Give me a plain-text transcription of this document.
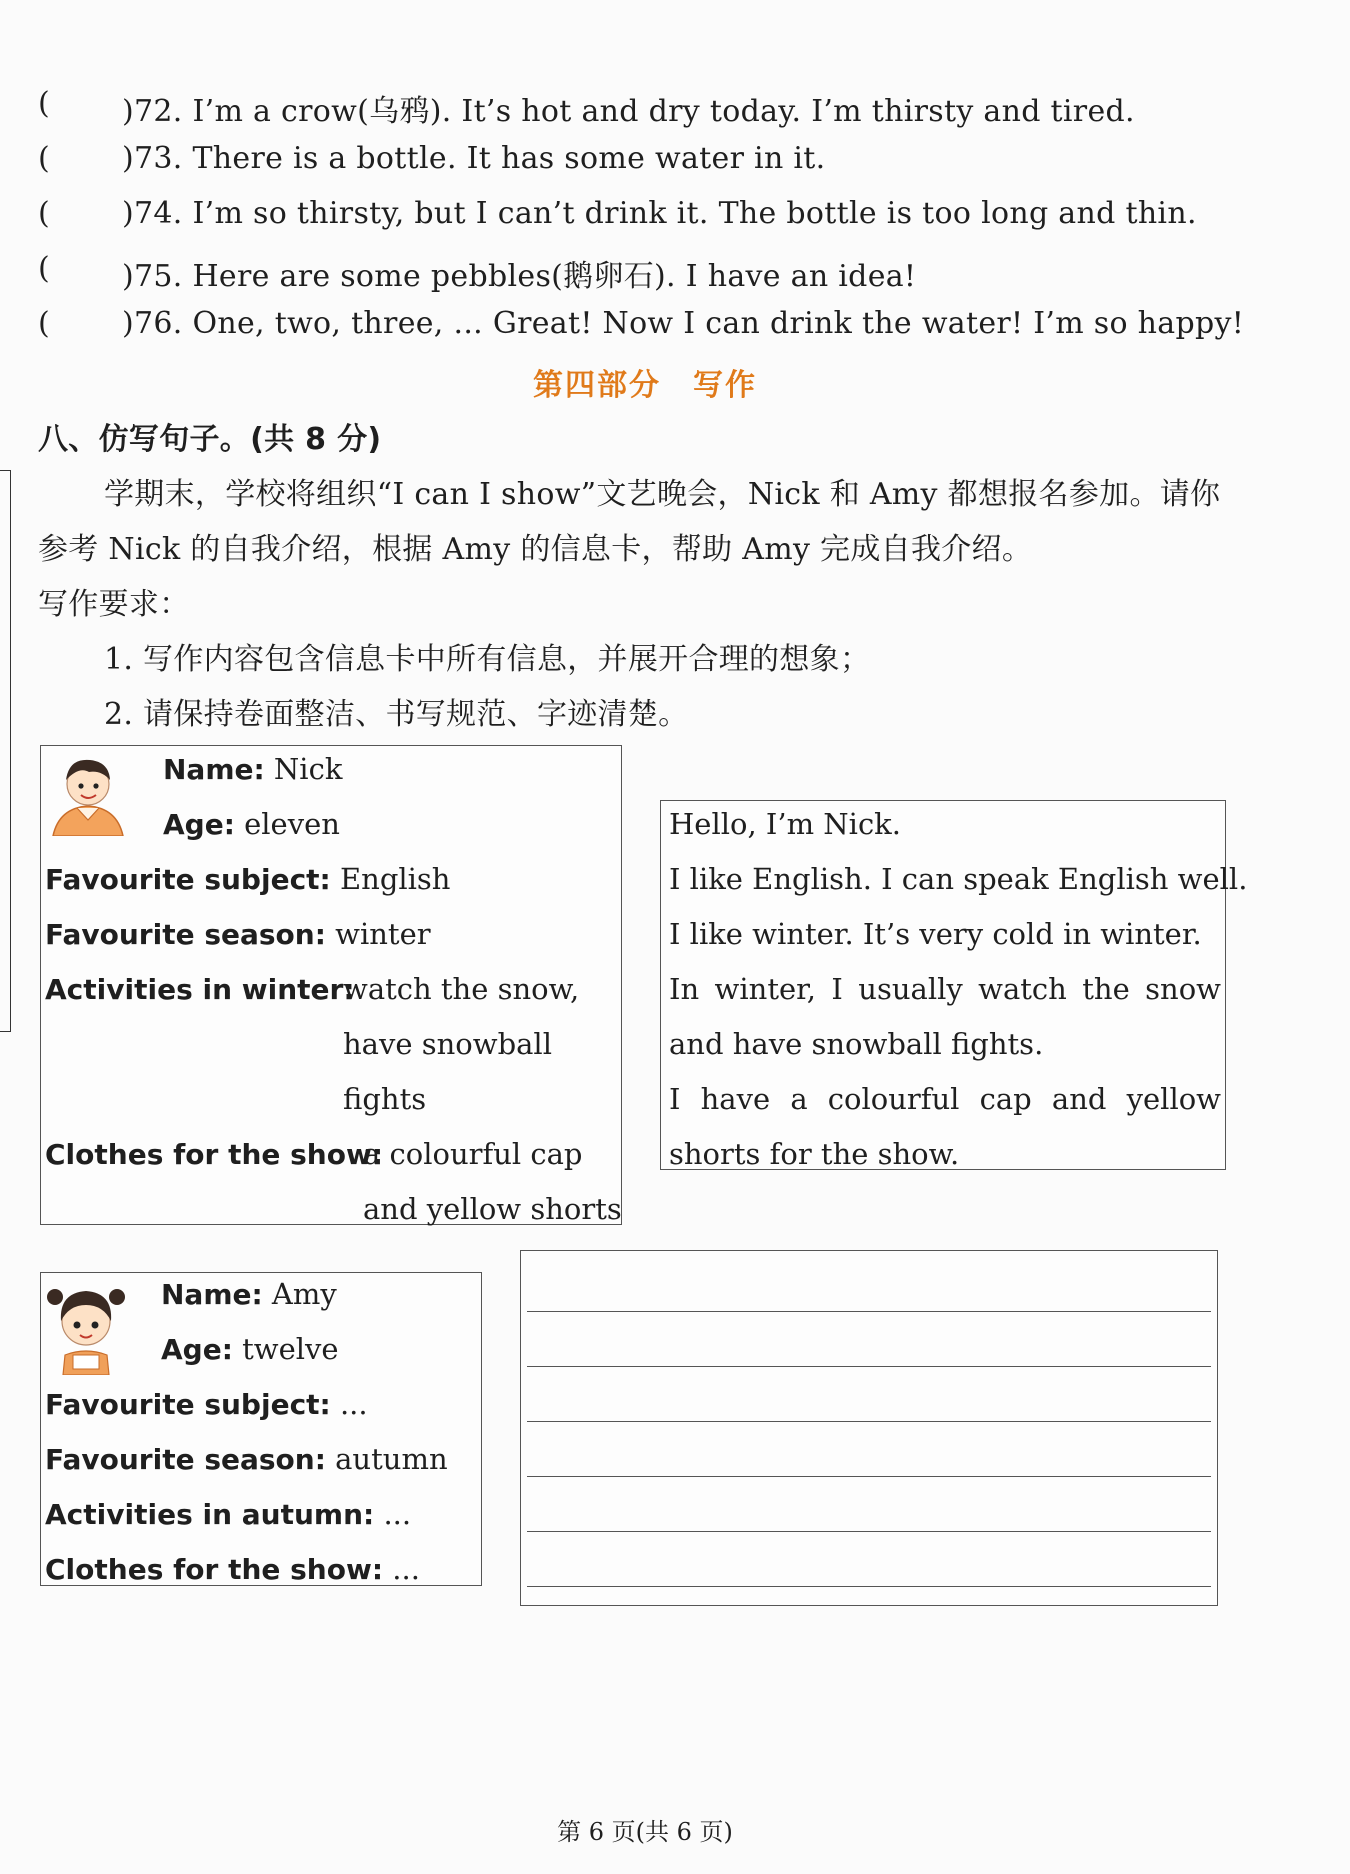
( )72. I’m a crow(乌鸦). It’s hot and dry today. I’m thirsty and tired.
( )73. There is a bottle. It has some water in it.
( )74. I’m so thirsty, but I can’t drink it. The bottle is too long and thin.
( )75. Here are some pebbles(鹅卵石). I have an idea!
( )76. One, two, three, ... Great! Now I can drink the water! I’m so happy!
第四部分　写作
八、仿写句子。(共 8 分)
学期末，学校将组织“I can I show”文艺晚会，Nick 和 Amy 都想报名参加。请你
参考 Nick 的自我介绍，根据 Amy 的信息卡，帮助 Amy 完成自我介绍。
写作要求：
1. 写作内容包含信息卡中所有信息，并展开合理的想象；
2. 请保持卷面整洁、书写规范、字迹清楚。
Name: Nick
Age: eleven
Favourite subject: English
Favourite season: winter
Activities in winter:
watch the snow,
have snowball
fights
Clothes for the show:
a colourful cap
and yellow shorts
Hello, I’m Nick.
I like English. I can speak English well.
I like winter. It’s very cold in winter.
In winter, I usually watch the snow
and have snowball fights.
I have a colourful cap and yellow
shorts for the show.
Name: Amy
Age: twelve
Favourite subject: ...
Favourite season: autumn
Activities in autumn: ...
Clothes for the show: ...
第 6 页(共 6 页)
